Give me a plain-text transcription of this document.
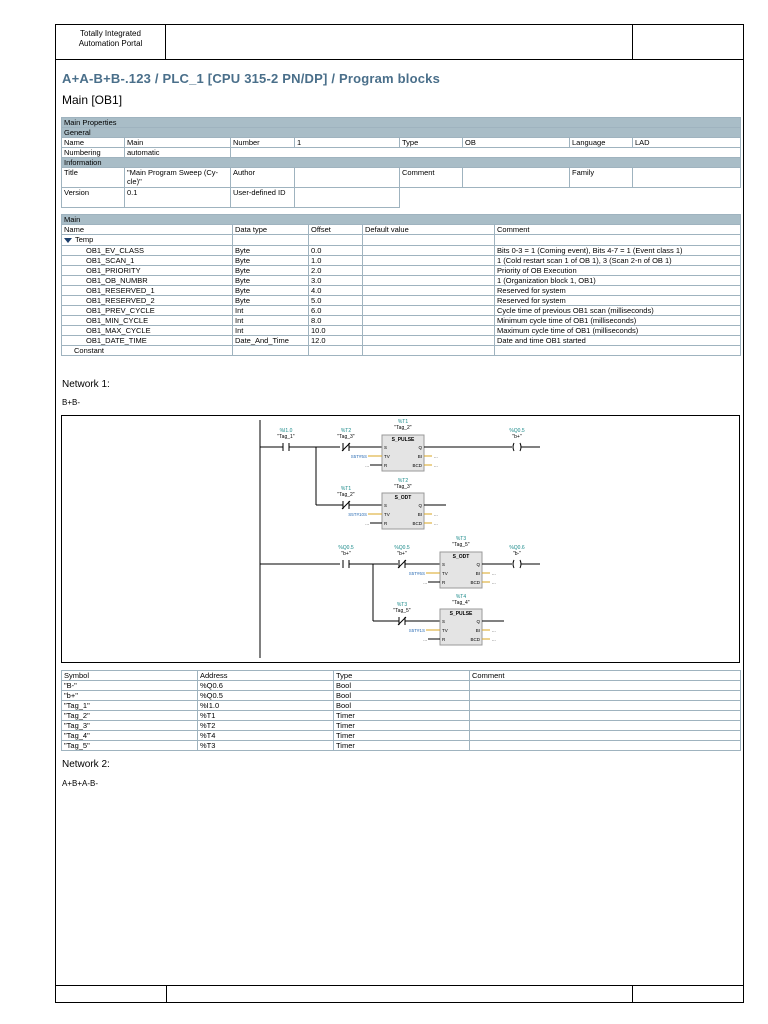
Totally Integrated
Automation Portal
A+A-B+B-.123 / PLC_1 [CPU 315-2 PN/DP] / Program blocks
Main [OB1]
Main Properties							
General							
Name	Main	Number	1	Type	OB	Language	LAD
Numbering	automatic						
Information							
Title	"Main Program Sweep (Cy-cle)"	Author		Comment		Family	
Version	0.1	User-defined ID					
Main				
Name	Data type	Offset	Default value	Comment
Temp				
OB1_EV_CLASS	Byte	0.0		Bits 0-3 = 1 (Coming event), Bits 4-7 = 1 (Event class 1)
OB1_SCAN_1	Byte	1.0		1 (Cold restart scan 1 of OB 1), 3 (Scan 2-n of OB 1)
OB1_PRIORITY	Byte	2.0		Priority of OB Execution
OB1_OB_NUMBR	Byte	3.0		1 (Organization block 1, OB1)
OB1_RESERVED_1	Byte	4.0		Reserved for system
OB1_RESERVED_2	Byte	5.0		Reserved for system
OB1_PREV_CYCLE	Int	6.0		Cycle time of previous OB1 scan (milliseconds)
OB1_MIN_CYCLE	Int	8.0		Minimum cycle time of OB1 (milliseconds)
OB1_MAX_CYCLE	Int	10.0		Maximum cycle time of OB1 (milliseconds)
OB1_DATE_TIME	Date_And_Time	12.0		Date and time OB1 started
Constant				
Network 1:
B+B-
%I1.0
"Tag_1"
%T2
"Tag_3"
%T1
"Tag_2"
S_PULSE
S
TV
R
Q
BI
BCD
S5T#5S
...
...
...
%Q0.5
"b+"
%T1
"Tag_2"
%T2
"Tag_3"
S_ODT
S
TV
R
Q
BI
BCD
S5T#10S
...
...
...
%Q0.5
"b+"
%Q0.5
"b+"
%T3
"Tag_5"
S_ODT
S
TV
R
Q
BI
BCD
S5T#6S
...
...
...
%Q0.6
"b-"
%T3
"Tag_5"
%T4
"Tag_4"
S_PULSE
S
TV
R
Q
BI
BCD
S5T#1S
...
...
...
Symbol	Address	Type	Comment
"B-"	%Q0.6	Bool	
"b+"	%Q0.5	Bool	
"Tag_1"	%I1.0	Bool	
"Tag_2"	%T1	Timer	
"Tag_3"	%T2	Timer	
"Tag_4"	%T4	Timer	
"Tag_5"	%T3	Timer	
Network 2:
A+B+A-B-
